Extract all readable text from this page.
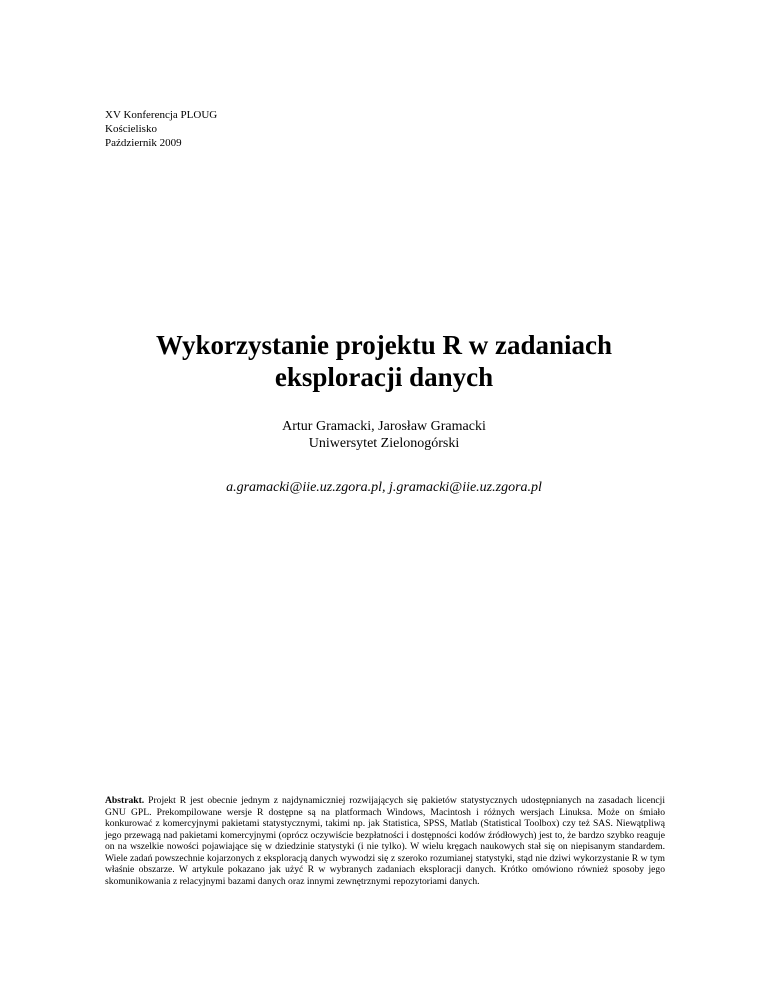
XV Konferencja PLOUG
Kościelisko
Październik 2009
Wykorzystanie projektu R w zadaniach
eksploracji danych
Artur Gramacki, Jarosław Gramacki
Uniwersytet Zielonogórski
a.gramacki@iie.uz.zgora.pl, j.gramacki@iie.uz.zgora.pl
Abstrakt. Projekt R jest obecnie jednym z najdynamiczniej rozwijających się pakietów statystycznych udostępnianych na zasadach licencji GNU GPL. Prekompilowane wersje R dostępne są na platformach Windows, Macintosh i różnych wersjach Linuksa. Może on śmiało konkurować z komercyjnymi pakietami statystycznymi, takimi np. jak Statistica, SPSS, Matlab (Statistical Toolbox) czy też SAS. Niewątpliwą jego przewagą nad pakietami komercyjnymi (oprócz oczywiście bezpłatności i dostępności kodów źródłowych) jest to, że bardzo szybko reaguje on na wszelkie nowości pojawiające się w dziedzinie statystyki (i nie tylko). W wielu kręgach naukowych stał się on niepisanym standardem. Wiele zadań powszechnie kojarzonych z eksploracją danych wywodzi się z szeroko rozumianej statystyki, stąd nie dziwi wykorzystanie R w tym właśnie obszarze. W artykule pokazano jak użyć R w wybranych zadaniach eksploracji danych. Krótko omówiono również sposoby jego skomunikowania z relacyjnymi bazami danych oraz innymi zewnętrznymi repozytoriami danych.
